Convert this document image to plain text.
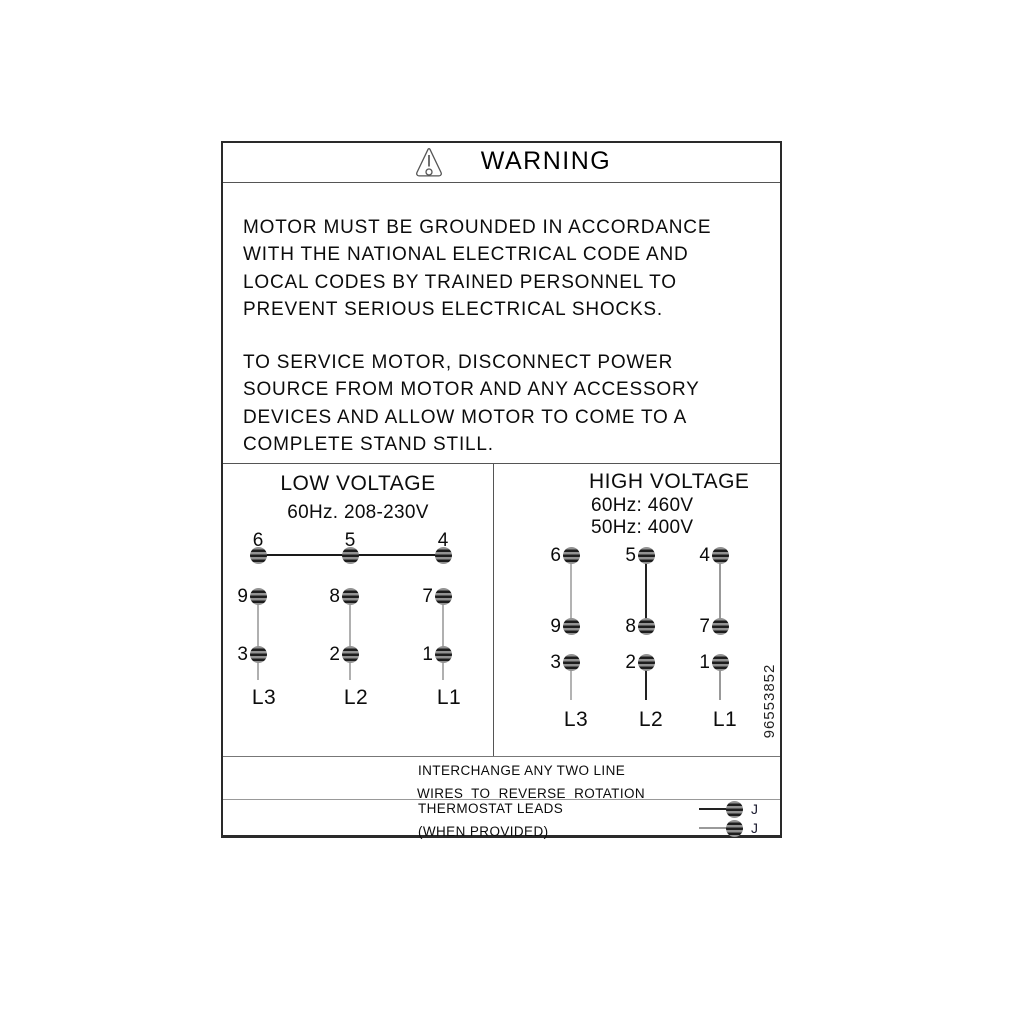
WARNING
MOTOR MUST BE GROUNDED IN ACCORDANCE
WITH THE NATIONAL ELECTRICAL CODE AND
LOCAL CODES BY TRAINED PERSONNEL TO
PREVENT SERIOUS ELECTRICAL SHOCKS.
TO SERVICE MOTOR, DISCONNECT POWER
SOURCE FROM MOTOR AND ANY ACCESSORY
DEVICES AND ALLOW MOTOR TO COME TO A
COMPLETE STAND STILL.
LOW VOLTAGE
60Hz. 208-230V
6	5	4
9	8	7
3	2	1
L3	L2	L1
HIGH VOLTAGE
60Hz: 460V
50Hz: 400V
6	5	4
9	8	7
3	2	1
L3	L2	L1	96553852
INTERCHANGE ANY TWO LINE
WIRES TO REVERSE ROTATION
THERMOSTAT LEADS
(WHEN PROVIDED)
J
J
